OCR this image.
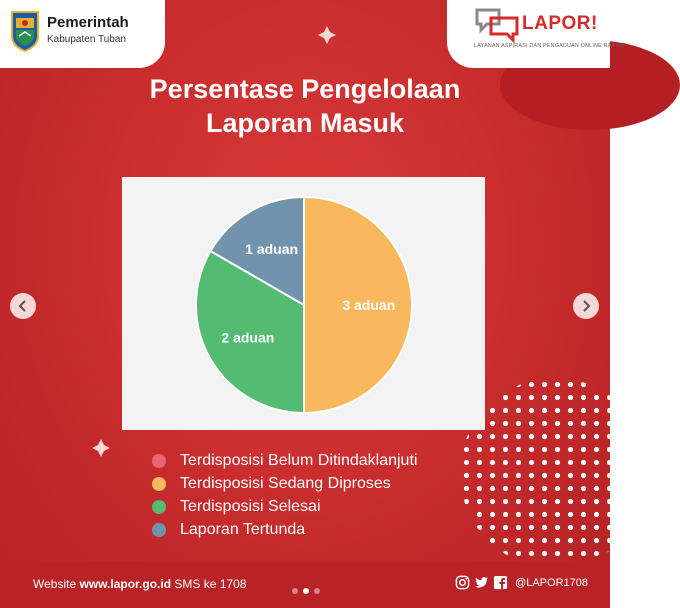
Pemerintah
Kabupaten Tuban
LAPOR!
LAYANAN ASPIRASI DAN PENGADUAN ONLINE RAKYAT
Persentase Pengelolaan
Laporan Masuk
3 aduan
2 aduan
1 aduan
Terdisposisi Belum Ditindaklanjuti
Terdisposisi Sedang Diproses
Terdisposisi Selesai
Laporan Tertunda
Website www.lapor.go.id SMS ke 1708	@LAPOR1708
